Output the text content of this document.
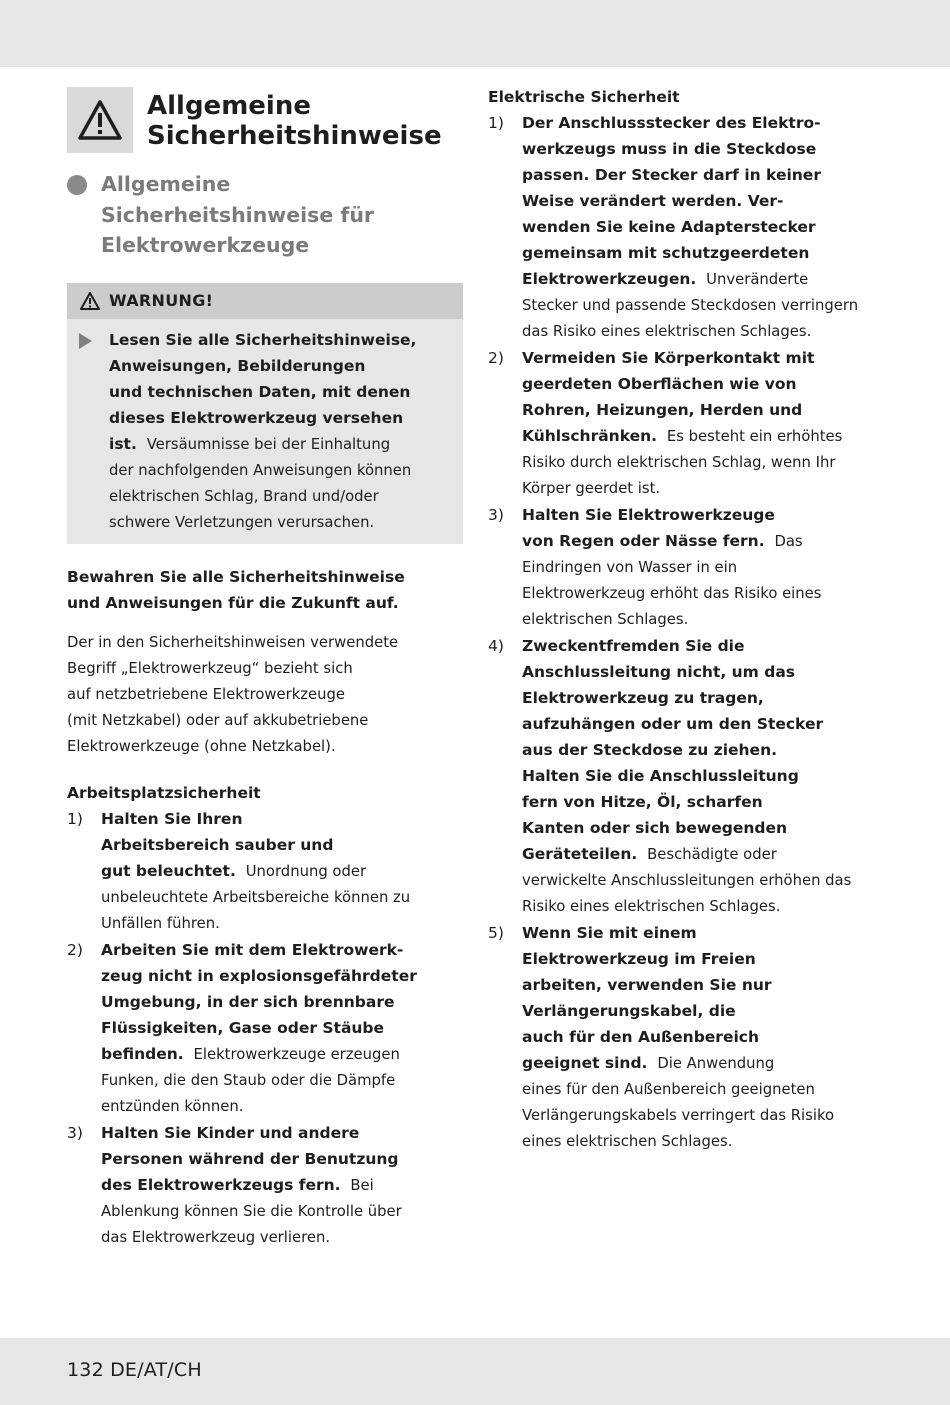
Allgemeine
Sicherheitshinweise
Allgemeine
Sicherheitshinweise für
Elektrowerkzeuge
WARNUNG!
Lesen Sie alle Sicherheitshinweise,
Anweisungen, Bebilderungen
und technischen Daten, mit denen
dieses Elektrowerkzeug versehen
ist. Versäumnisse bei der Einhaltung
der nachfolgenden Anweisungen können
elektrischen Schlag, Brand und/oder
schwere Verletzungen verursachen.
Bewahren Sie alle Sicherheitshinweise
und Anweisungen für die Zukunft auf.
Der in den Sicherheitshinweisen verwendete
Begriff „Elektrowerkzeug“ bezieht sich
auf netzbetriebene Elektrowerkzeuge
(mit Netzkabel) oder auf akkubetriebene
Elektrowerkzeuge (ohne Netzkabel).
Arbeitsplatzsicherheit
1)	Halten Sie Ihren
Arbeitsbereich sauber und
gut beleuchtet. Unordnung oder
unbeleuchtete Arbeitsbereiche können zu
Unfällen führen.
2)	Arbeiten Sie mit dem Elektrowerk-
zeug nicht in explosionsgefährdeter
Umgebung, in der sich brennbare
Flüssigkeiten, Gase oder Stäube
befinden. Elektrowerkzeuge erzeugen
Funken, die den Staub oder die Dämpfe
entzünden können.
3)	Halten Sie Kinder und andere
Personen während der Benutzung
des Elektrowerkzeugs fern. Bei
Ablenkung können Sie die Kontrolle über
das Elektrowerkzeug verlieren.
Elektrische Sicherheit
1)	Der Anschlussstecker des Elektro-
werkzeugs muss in die Steckdose
passen. Der Stecker darf in keiner
Weise verändert werden. Ver-
wenden Sie keine Adapterstecker
gemeinsam mit schutzgeerdeten
Elektrowerkzeugen. Unveränderte
Stecker und passende Steckdosen verringern
das Risiko eines elektrischen Schlages.
2)	Vermeiden Sie Körperkontakt mit
geerdeten Oberflächen wie von
Rohren, Heizungen, Herden und
Kühlschränken. Es besteht ein erhöhtes
Risiko durch elektrischen Schlag, wenn Ihr
Körper geerdet ist.
3)	Halten Sie Elektrowerkzeuge
von Regen oder Nässe fern. Das
Eindringen von Wasser in ein
Elektrowerkzeug erhöht das Risiko eines
elektrischen Schlages.
4)	Zweckentfremden Sie die
Anschlussleitung nicht, um das
Elektrowerkzeug zu tragen,
aufzuhängen oder um den Stecker
aus der Steckdose zu ziehen.
Halten Sie die Anschlussleitung
fern von Hitze, Öl, scharfen
Kanten oder sich bewegenden
Geräteteilen. Beschädigte oder
verwickelte Anschlussleitungen erhöhen das
Risiko eines elektrischen Schlages.
5)	Wenn Sie mit einem
Elektrowerkzeug im Freien
arbeiten, verwenden Sie nur
Verlängerungskabel, die
auch für den Außenbereich
geeignet sind. Die Anwendung
eines für den Außenbereich geeigneten
Verlängerungskabels verringert das Risiko
eines elektrischen Schlages.
132 DE/AT/CH
